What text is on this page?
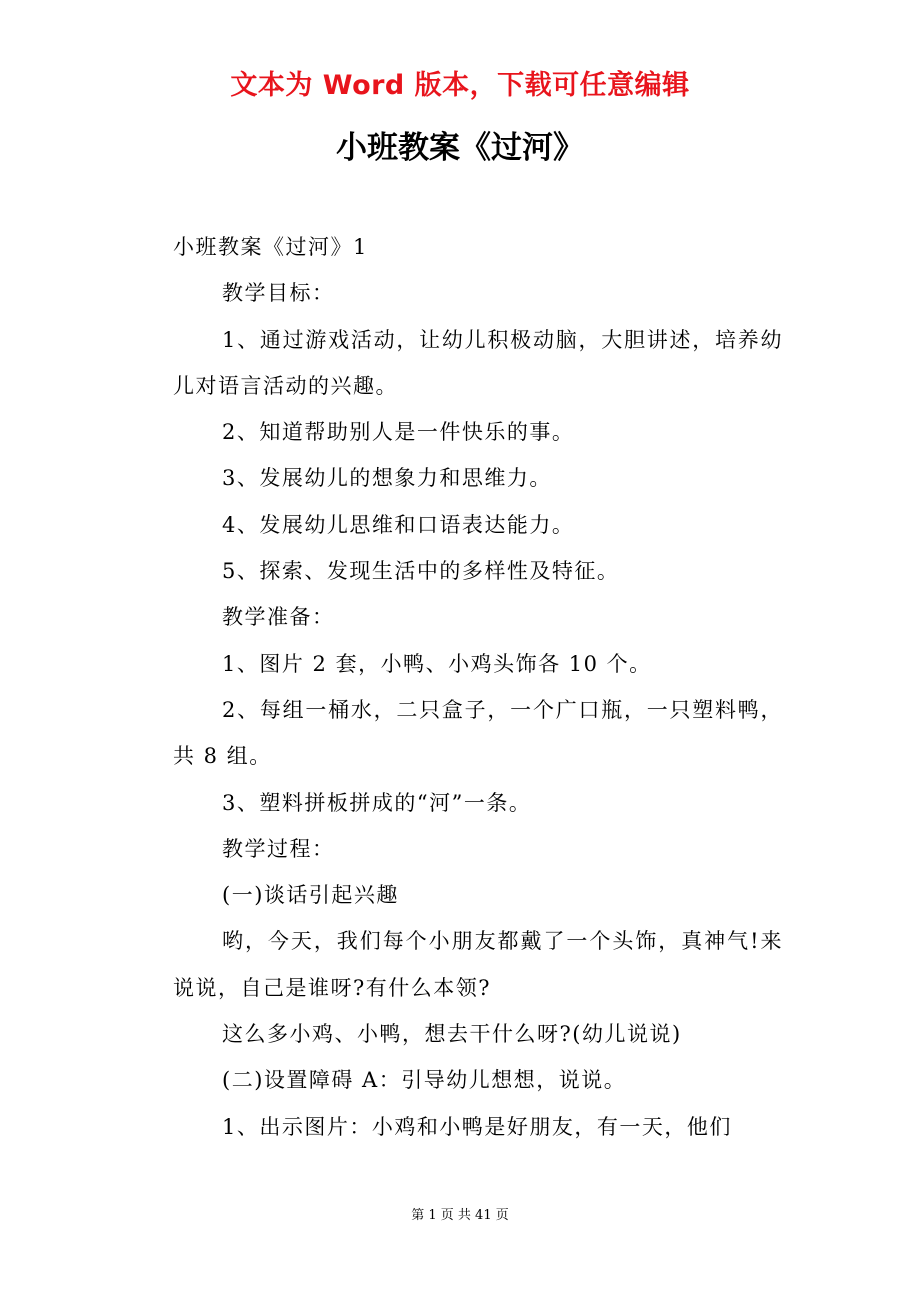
文本为 Word 版本，下载可任意编辑
小班教案《过河》

小班教案《过河》1

教学目标：

1、通过游戏活动，让幼儿积极动脑，大胆讲述，培养幼儿对语言活动的兴趣。

2、知道帮助别人是一件快乐的事。

3、发展幼儿的想象力和思维力。

4、发展幼儿思维和口语表达能力。

5、探索、发现生活中的多样性及特征。

教学准备：

1、图片 2 套，小鸭、小鸡头饰各 10 个。

2、每组一桶水，二只盒子，一个广口瓶，一只塑料鸭，共 8 组。

3、塑料拼板拼成的“河”一条。

教学过程：

(一)谈话引起兴趣

哟，今天，我们每个小朋友都戴了一个头饰，真神气!来说说，自己是谁呀?有什么本领?

这么多小鸡、小鸭，想去干什么呀?(幼儿说说)

(二)设置障碍 A：引导幼儿想想，说说。

1、出示图片：小鸡和小鸭是好朋友，有一天，他们

第 1 页 共 41 页
